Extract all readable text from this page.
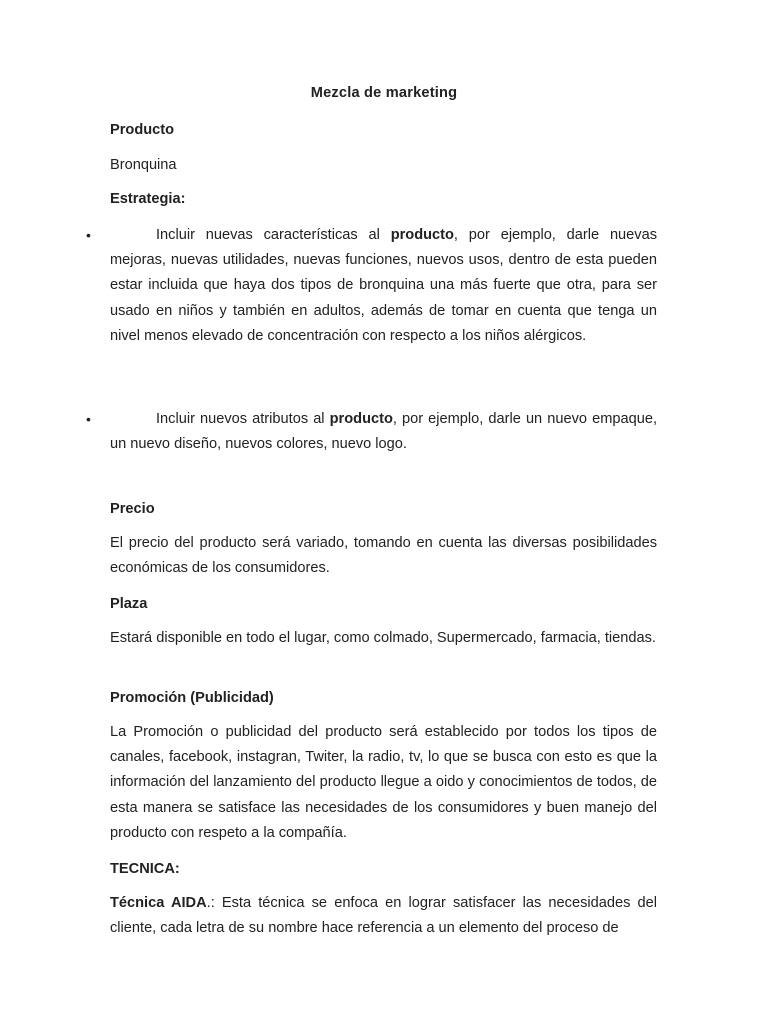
Mezcla de marketing
Producto
Bronquina
Estrategia:
•	Incluir nuevas características al producto, por ejemplo, darle nuevas mejoras, nuevas utilidades, nuevas funciones, nuevos usos, dentro de esta pueden estar incluida que haya dos tipos de bronquina una más fuerte que otra, para ser usado en niños y también en adultos, además de tomar en cuenta que tenga un nivel menos elevado de concentración con respecto a los niños alérgicos.
•	Incluir nuevos atributos al producto, por ejemplo, darle un nuevo empaque, un nuevo diseño, nuevos colores, nuevo logo.
Precio
El precio del producto será variado, tomando en cuenta las diversas posibilidades económicas de los consumidores.
Plaza
Estará disponible en todo el lugar, como colmado, Supermercado, farmacia, tiendas.
Promoción (Publicidad)
La Promoción o publicidad del producto será establecido por todos los tipos de canales, facebook, instagran, Twiter, la radio, tv, lo que se busca con esto es que la información del lanzamiento del producto llegue a oido y conocimientos de todos, de esta manera se satisface las necesidades de los consumidores y buen manejo del producto con respeto a la compañía.
TECNICA:
Técnica AIDA.: Esta técnica se enfoca en lograr satisfacer las necesidades del cliente, cada letra de su nombre hace referencia a un elemento del proceso de
